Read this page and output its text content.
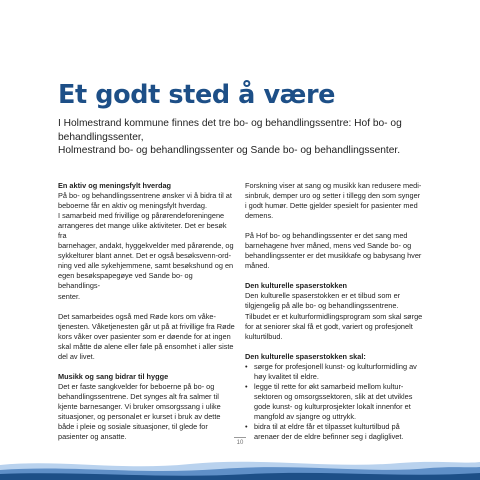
Et godt sted å være

I Holmestrand kommune finnes det tre bo- og behandlingssentre: Hof bo- og behandlingssenter,
Holmestrand bo- og behandlingssenter og Sande bo- og behandlingssenter.

En aktiv og meningsfylt hverdag

På bo- og behandlingssentrene ønsker vi å bidra til at
beboerne får en aktiv og meningsfylt hverdag.
I samarbeid med frivillige og pårørendeforeningene
arrangeres det mange ulike aktiviteter. Det er besøk fra
barnehager, andakt, hyggekvelder med pårørende, og
sykkelturer blant annet. Det er også besøksvenn-ord-
ning ved alle sykehjemmene, samt besøkshund og en
egen besøkspapegøye ved Sande bo- og behandlings-
senter.

Det samarbeides også med Røde kors om våke-
tjenesten. Våketjenesten går ut på at frivillige fra Røde
kors våker over pasienter som er døende for at ingen
skal måtte dø alene eller føle på ensomhet i aller siste
del av livet.

Musikk og sang bidrar til hygge

Det er faste sangkvelder for beboerne på bo- og
behandlingssentrene. Det synges alt fra salmer til
kjente barnesanger. Vi bruker omsorgssang i ulike
situasjoner, og personalet er kurset i bruk av dette
både i pleie og sosiale situasjoner, til glede for
pasienter og ansatte.

Forskning viser at sang og musikk kan redusere medi-
sinbruk, demper uro og setter i tillegg den som synger
i godt humør. Dette gjelder spesielt for pasienter med
demens.

På Hof bo- og behandlingssenter er det sang med
barnehagene hver måned, mens ved Sande bo- og
behandlingssenter er det musikkafe og babysang hver
måned.

Den kulturelle spaserstokken

Den kulturelle spaserstokken er et tilbud som er
tilgjengelig på alle bo- og behandlingssentrene.
Tilbudet er et kulturformidlingsprogram som skal sørge
for at seniorer skal få et godt, variert og profesjonelt
kulturtilbud.

Den kulturelle spaserstokken skal:
• sørge for profesjonell kunst- og kulturformidling av
høy kvalitet til eldre.
• legge til rette for økt samarbeid mellom kultur-
sektoren og omsorgssektoren, slik at det utvikles
gode kunst- og kulturprosjekter lokalt innenfor et
mangfold av sjangre og uttrykk.
• bidra til at eldre får et tilpasset kulturtilbud på
arenaer der de eldre befinner seg i dagliglivet.
10
